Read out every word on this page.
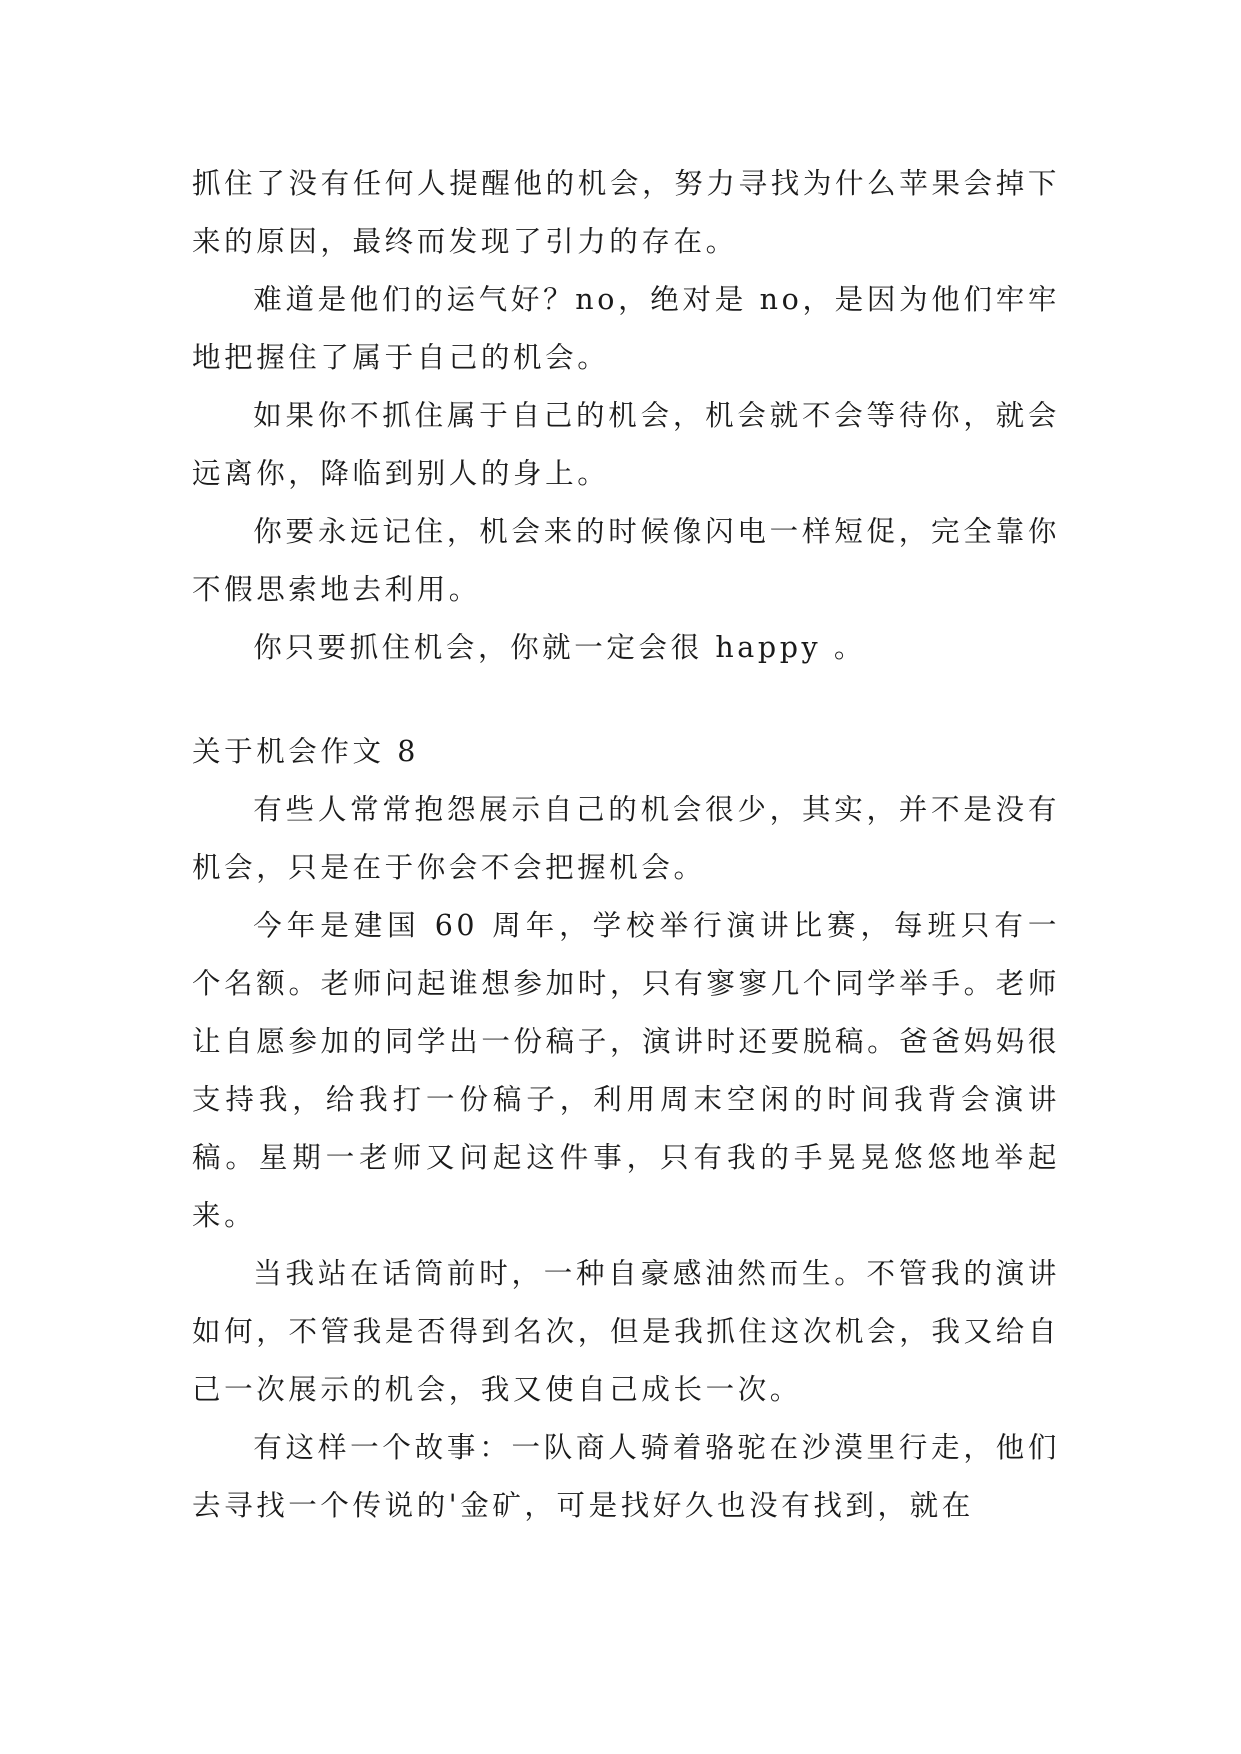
抓住了没有任何人提醒他的机会，努力寻找为什么苹果会掉下来的原因，最终而发现了引力的存在。

难道是他们的运气好？no，绝对是 no，是因为他们牢牢地把握住了属于自己的机会。

如果你不抓住属于自己的机会，机会就不会等待你，就会远离你，降临到别人的身上。

你要永远记住，机会来的时候像闪电一样短促，完全靠你不假思索地去利用。

你只要抓住机会，你就一定会很 happy 。

关于机会作文 8

有些人常常抱怨展示自己的机会很少，其实，并不是没有机会，只是在于你会不会把握机会。

今年是建国 60 周年，学校举行演讲比赛，每班只有一个名额。老师问起谁想参加时，只有寥寥几个同学举手。老师让自愿参加的同学出一份稿子，演讲时还要脱稿。爸爸妈妈很支持我，给我打一份稿子，利用周末空闲的时间我背会演讲稿。星期一老师又问起这件事，只有我的手晃晃悠悠地举起来。

当我站在话筒前时，一种自豪感油然而生。不管我的演讲如何，不管我是否得到名次，但是我抓住这次机会，我又给自己一次展示的机会，我又使自己成长一次。

有这样一个故事：一队商人骑着骆驼在沙漠里行走，他们去寻找一个传说的'金矿，可是找好久也没有找到，就在
